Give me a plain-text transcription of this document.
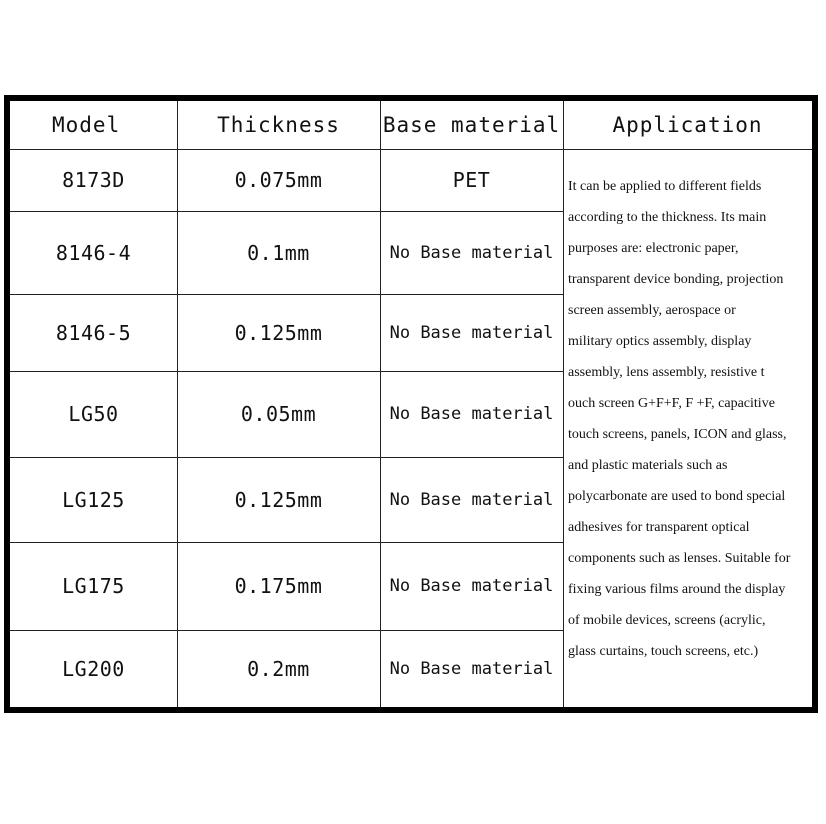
Model	Thickness	Base material	Application
8173D	0.075mm	PET
8146-4	0.1mm	No Base material
8146-5	0.125mm	No Base material
LG50	0.05mm	No Base material
LG125	0.125mm	No Base material
LG175	0.175mm	No Base material
LG200	0.2mm	No Base material
It can be applied to different fields
according to the thickness. Its main
purposes are: electronic paper,
transparent device bonding, projection
screen assembly, aerospace or
military optics assembly, display
assembly, lens assembly, resistive t
ouch screen G+F+F, F +F, capacitive
touch screens, panels, ICON and glass,
and plastic materials such as
polycarbonate are used to bond special
adhesives for transparent optical
components such as lenses. Suitable for
fixing various films around the display
of mobile devices, screens (acrylic,
glass curtains, touch screens, etc.)
